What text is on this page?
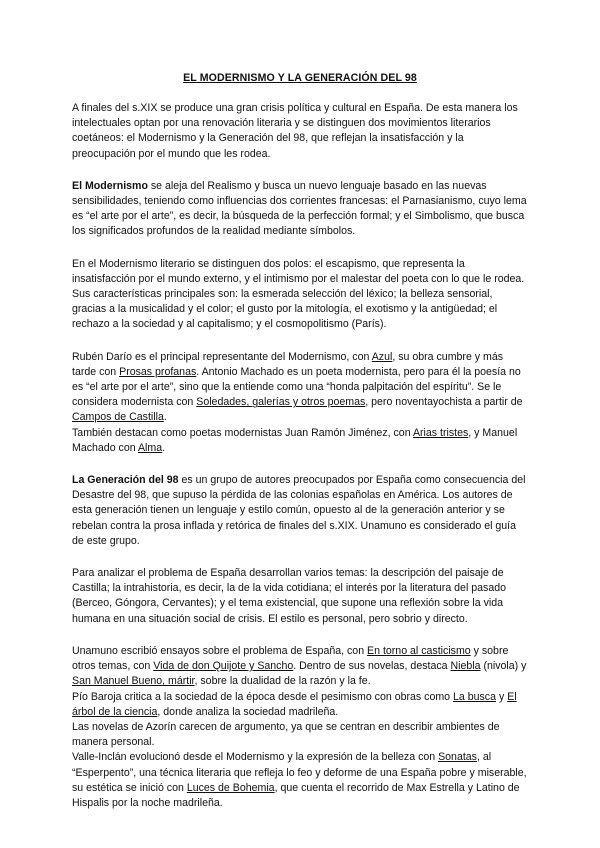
EL MODERNISMO Y LA GENERACIÓN DEL 98

A finales del s.XIX se produce una gran crisis política y cultural en España. De esta manera los intelectuales optan por una renovación literaria y se distinguen dos movimientos literarios coetáneos: el Modernismo y la Generación del 98, que reflejan la insatisfacción y la preocupación por el mundo que les rodea.

El Modernismo se aleja del Realismo y busca un nuevo lenguaje basado en las nuevas sensibilidades, teniendo como influencias dos corrientes francesas: el Parnasianismo, cuyo lema es “el arte por el arte”, es decir, la búsqueda de la perfección formal; y el Simbolismo, que busca los significados profundos de la realidad mediante símbolos.

En el Modernismo literario se distinguen dos polos: el escapismo, que representa la insatisfacción por el mundo externo, y el intimismo por el malestar del poeta con lo que le rodea. Sus características principales son: la esmerada selección del léxico; la belleza sensorial, gracias a la musicalidad y el color; el gusto por la mitología, el exotismo y la antigüedad; el rechazo a la sociedad y al capitalismo; y el cosmopolitismo (París).

Rubén Darío es el principal representante del Modernismo, con Azul, su obra cumbre y más tarde con Prosas profanas. Antonio Machado es un poeta modernista, pero para él la poesía no es “el arte por el arte”, sino que la entiende como una “honda palpitación del espíritu”. Se le considera modernista con Soledades, galerías y otros poemas, pero noventayochista a partir de Campos de Castilla.

También destacan como poetas modernistas Juan Ramón Jiménez, con Arias tristes, y Manuel Machado con Alma.

La Generación del 98 es un grupo de autores preocupados por España como consecuencia del Desastre del 98, que supuso la pérdida de las colonias españolas en América. Los autores de esta generación tienen un lenguaje y estilo común, opuesto al de la generación anterior y se rebelan contra la prosa inflada y retórica de finales del s.XIX. Unamuno es considerado el guía de este grupo.

Para analizar el problema de España desarrollan varios temas: la descripción del paisaje de Castilla; la intrahistoria, es decir, la de la vida cotidiana; el interés por la literatura del pasado (Berceo, Góngora, Cervantes); y el tema existencial, que supone una reflexión sobre la vida humana en una situación social de crisis. El estilo es personal, pero sobrio y directo.

Unamuno escribió ensayos sobre el problema de España, con En torno al casticismo y sobre otros temas, con Vida de don Quijote y Sancho. Dentro de sus novelas, destaca Niebla (nivola) y San Manuel Bueno, mártir, sobre la dualidad de la razón y la fe.

Pío Baroja critica a la sociedad de la época desde el pesimismo con obras como La busca y El árbol de la ciencia, donde analiza la sociedad madrileña.

Las novelas de Azorín carecen de argumento, ya que se centran en describir ambientes de manera personal.

Valle-Inclán evolucionó desde el Modernismo y la expresión de la belleza con Sonatas, al “Esperpento”, una técnica literaria que refleja lo feo y deforme de una España pobre y miserable, su estética se inició con Luces de Bohemia, que cuenta el recorrido de Max Estrella y Latino de Hispalis por la noche madrileña.
